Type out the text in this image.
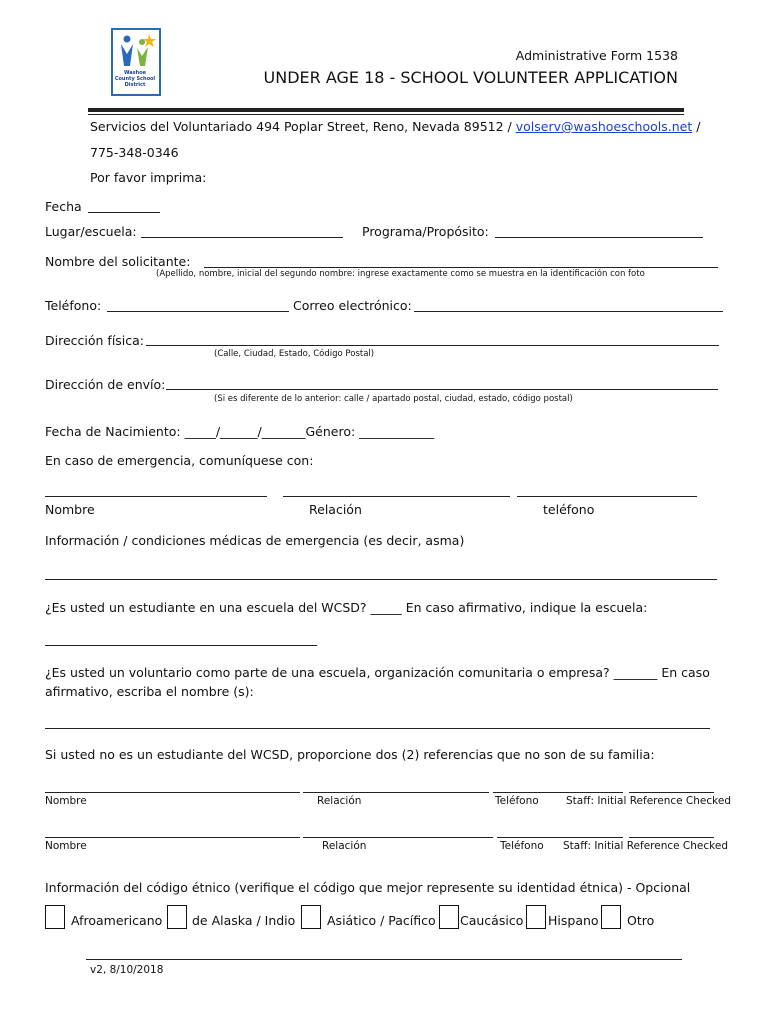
Washoe County School District
Administrative Form 1538
UNDER AGE 18 - SCHOOL VOLUNTEER APPLICATION
Servicios del Voluntariado 494 Poplar Street, Reno, Nevada 89512 / volserv@washoeschools.net /
775-348-0346
Por favor imprima:
Fecha
Lugar/escuela:	Programa/Propósito:
Nombre del solicitante:
(Apellido, nombre, inicial del segundo nombre: ingrese exactamente como se muestra en la identificación con foto
Teléfono:	Correo electrónico:
Dirección física:
(Calle, Ciudad, Estado, Código Postal)
Dirección de envío:
(Si es diferente de lo anterior: calle / apartado postal, ciudad, estado, código postal)
Fecha de Nacimiento: _____/______/_______Género: ____________
En caso de emergencia, comuníquese con:
Nombre	Relación	teléfono
Información / condiciones médicas de emergencia (es decir, asma)
¿Es usted un estudiante en una escuela del WCSD? _____ En caso afirmativo, indique la escuela:
¿Es usted un voluntario como parte de una escuela, organización comunitaria o empresa? _______ En caso
afirmativo, escriba el nombre (s):
Si usted no es un estudiante del WCSD, proporcione dos (2) referencias que no son de su familia:
Nombre	Relación	Teléfono	Staff: Initial Reference Checked
Nombre	Relación	Teléfono Staff: Initial Reference Checked
Información del código étnico (verifique el código que mejor represente su identidad étnica) - Opcional
Afroamericano de Alaska / Indio	Asiático / Pacífico Caucásico Hispano Otro
v2, 8/10/2018
